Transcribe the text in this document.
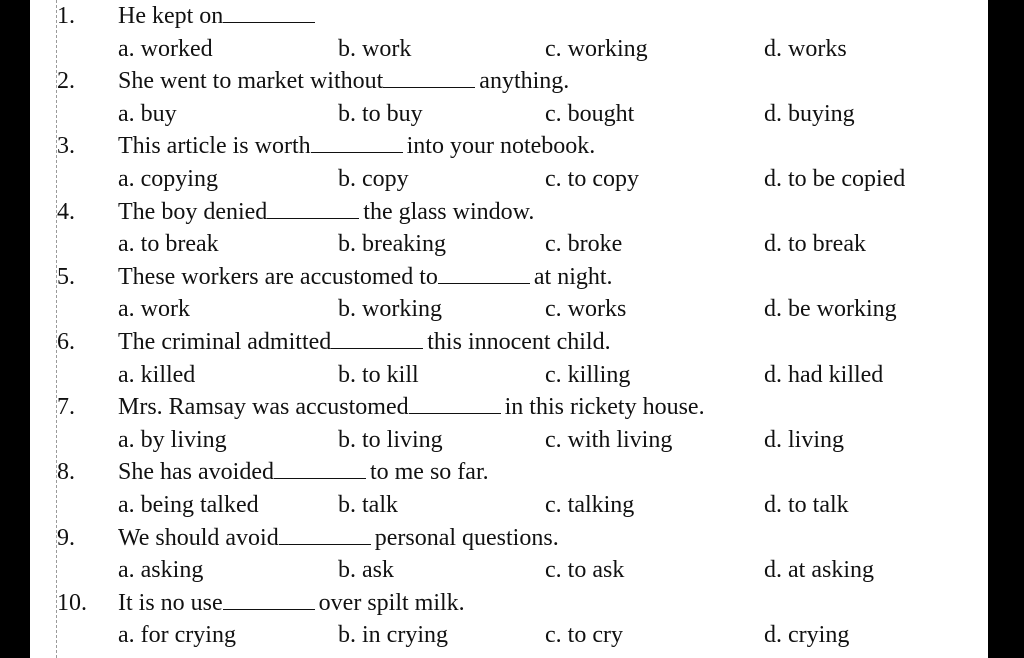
1. He kept on
a. worked	b. work	c. working	d. works
2. She went to market without	anything.
a. buy	b. to buy	c. bought	d. buying
3. This article is worth	into your notebook.
a. copying	b. copy	c. to copy	d. to be copied
4. The boy denied	the glass window.
a. to break	b. breaking	c. broke	d. to break
5. These workers are accustomed to	at night.
a. work	b. working	c. works	d. be working
6. The criminal admitted	this innocent child.
a. killed	b. to kill	c. killing	d. had killed
7. Mrs. Ramsay was accustomed	in this rickety house.
a. by living	b. to living	c. with living	d. living
8. She has avoided	to me so far.
a. being talked	b. talk	c. talking	d. to talk
9. We should avoid	personal questions.
a. asking	b. ask	c. to ask	d. at asking
10. It is no use	over spilt milk.
a. for crying	b. in crying	c. to cry	d. crying
